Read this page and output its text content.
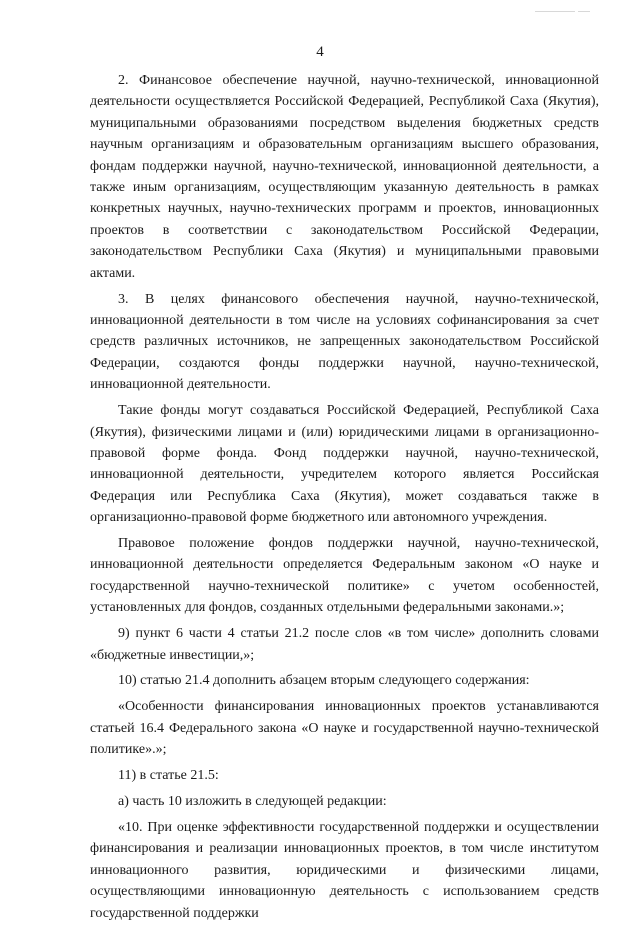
4

2. Финансовое обеспечение научной, научно-технической, инновационной деятельности осуществляется Российской Федерацией, Республикой Саха (Якутия), муниципальными образованиями посредством выделения бюджетных средств научным организациям и образовательным организациям высшего образования, фондам поддержки научной, научно-технической, инновационной деятельности, а также иным организациям, осуществляющим указанную деятельность в рамках конкретных научных, научно-технических программ и проектов, инновационных проектов в соответствии с законодательством Российской Федерации, законодательством Республики Саха (Якутия) и муниципальными правовыми актами.

3. В целях финансового обеспечения научной, научно-технической, инновационной деятельности в том числе на условиях софинансирования за счет средств различных источников, не запрещенных законодательством Российской Федерации, создаются фонды поддержки научной, научно-технической, инновационной деятельности.

Такие фонды могут создаваться Российской Федерацией, Республикой Саха (Якутия), физическими лицами и (или) юридическими лицами в организационно-правовой форме фонда. Фонд поддержки научной, научно-технической, инновационной деятельности, учредителем которого является Российская Федерация или Республика Саха (Якутия), может создаваться также в организационно-правовой форме бюджетного или автономного учреждения.

Правовое положение фондов поддержки научной, научно-технической, инновационной деятельности определяется Федеральным законом «О науке и государственной научно-технической политике» с учетом особенностей, установленных для фондов, созданных отдельными федеральными законами.»;

9) пункт 6 части 4 статьи 21.2 после слов «в том числе» дополнить словами «бюджетные инвестиции,»;

10) статью 21.4 дополнить абзацем вторым следующего содержания:

«Особенности финансирования инновационных проектов устанавливаются статьей 16.4 Федерального закона «О науке и государственной научно-технической политике».»;

11) в статье 21.5:

а) часть 10 изложить в следующей редакции:

«10. При оценке эффективности государственной поддержки и осуществлении финансирования и реализации инновационных проектов, в том числе институтом инновационного развития, юридическими и физическими лицами, осуществляющими инновационную деятельность с использованием средств государственной поддержки
